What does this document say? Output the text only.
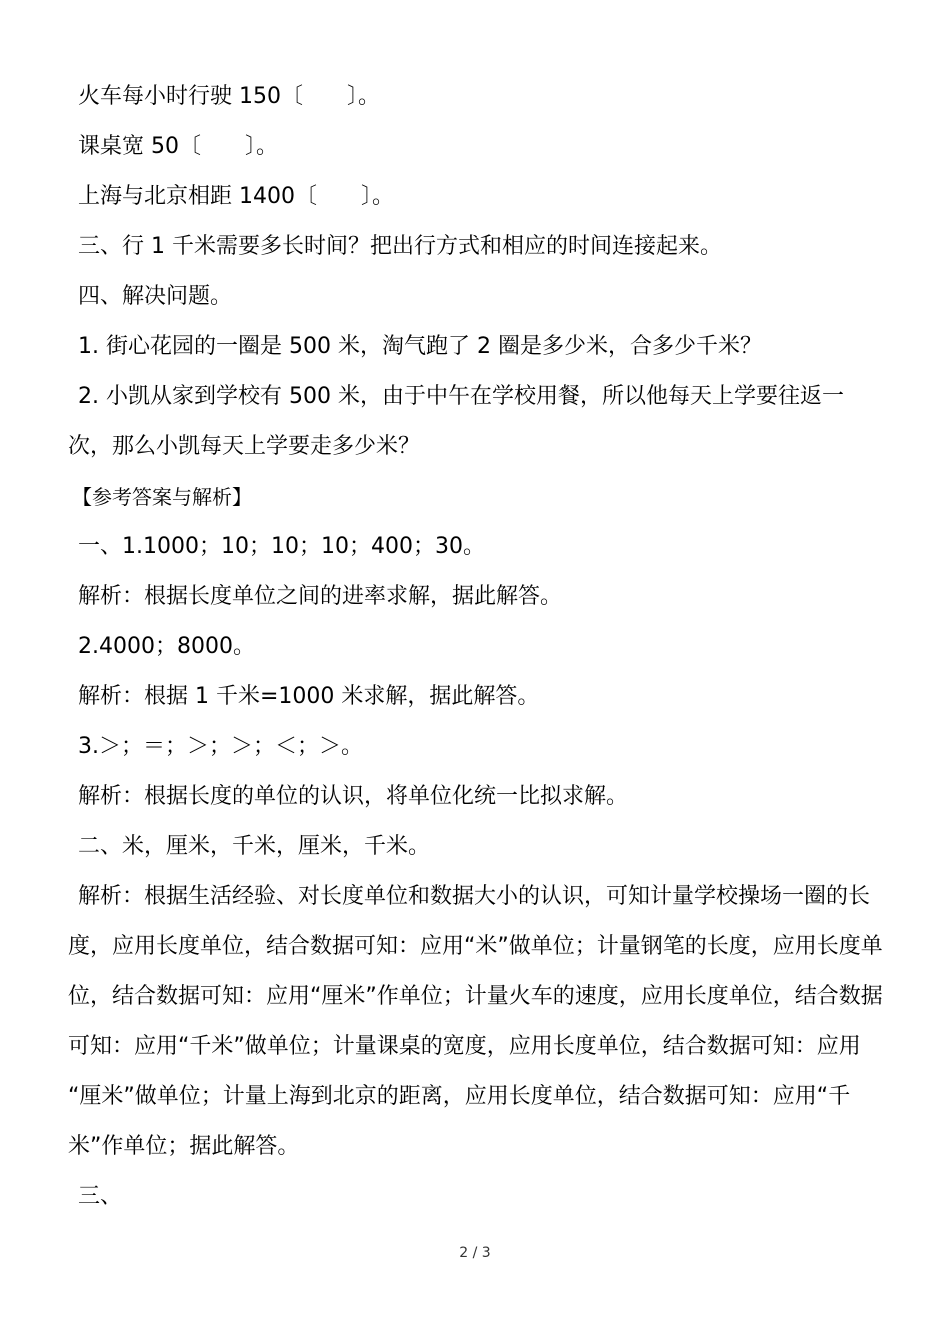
火车每小时行驶 150〔　　〕。
课桌宽 50〔　　〕。
上海与北京相距 1400〔　　〕。
三、行 1 千米需要多长时间？把出行方式和相应的时间连接起来。
四、解决问题。
1. 街心花园的一圈是 500 米，淘气跑了 2 圈是多少米，合多少千米？
2. 小凯从家到学校有 500 米，由于中午在学校用餐，所以他每天上学要往返一
次，那么小凯每天上学要走多少米？
【参考答案与解析】
一、1.1000；10；10；10；400；30。
解析：根据长度单位之间的进率求解，据此解答。
2.4000；8000。
解析：根据 1 千米=1000 米求解，据此解答。
3.＞；＝；＞；＞；＜；＞。
解析：根据长度的单位的认识，将单位化统一比拟求解。
二、米，厘米，千米，厘米，千米。
解析：根据生活经验、对长度单位和数据大小的认识，可知计量学校操场一圈的长
度，应用长度单位，结合数据可知：应用“米”做单位；计量钢笔的长度，应用长度单
位，结合数据可知：应用“厘米”作单位；计量火车的速度，应用长度单位，结合数据
可知：应用“千米”做单位；计量课桌的宽度，应用长度单位，结合数据可知：应用
“厘米”做单位；计量上海到北京的距离，应用长度单位，结合数据可知：应用“千
米”作单位；据此解答。
三、
2 / 3
